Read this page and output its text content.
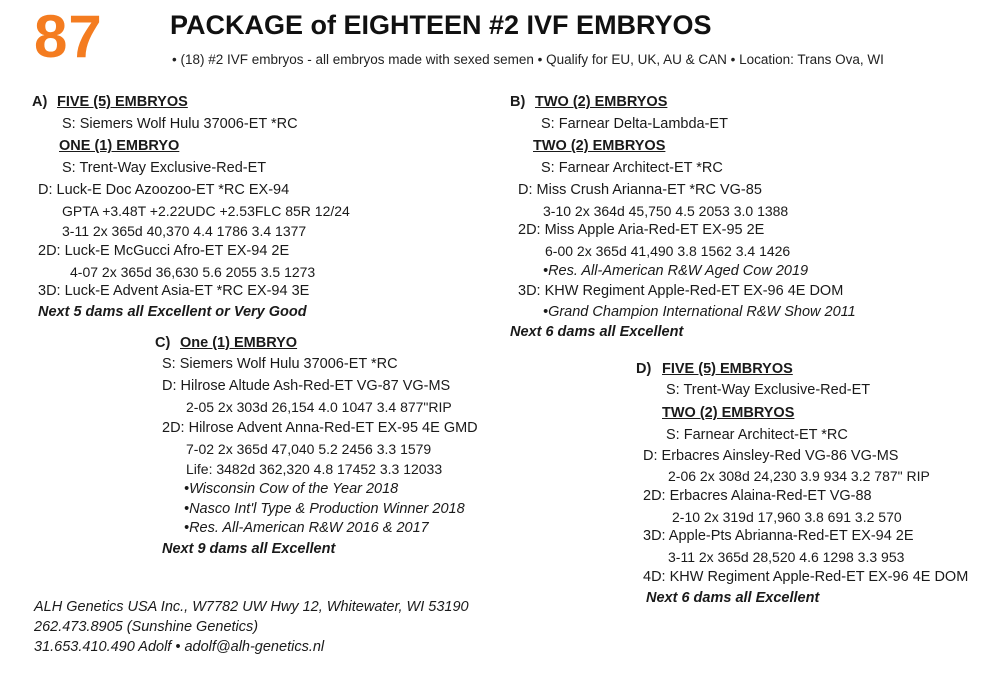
87 PACKAGE of EIGHTEEN #2 IVF EMBRYOS
• (18) #2 IVF embryos - all embryos made with sexed semen • Qualify for EU, UK, AU & CAN • Location: Trans Ova, WI
A) FIVE (5) EMBRYOS
S: Siemers Wolf Hulu 37006-ET *RC
ONE (1) EMBRYO
S: Trent-Way Exclusive-Red-ET
D: Luck-E Doc Azoozoo-ET *RC EX-94
GPTA +3.48T +2.22UDC +2.53FLC 85R 12/24
3-11 2x 365d 40,370 4.4 1786 3.4 1377
2D: Luck-E McGucci Afro-ET EX-94 2E
4-07 2x 365d 36,630 5.6 2055 3.5 1273
3D: Luck-E Advent Asia-ET *RC EX-94 3E
Next 5 dams all Excellent or Very Good
B) TWO (2) EMBRYOS
S: Farnear Delta-Lambda-ET
TWO (2) EMBRYOS
S: Farnear Architect-ET *RC
D: Miss Crush Arianna-ET *RC VG-85
3-10 2x 364d 45,750 4.5 2053 3.0 1388
2D: Miss Apple Aria-Red-ET EX-95 2E
6-00 2x 365d 41,490 3.8 1562 3.4 1426
•Res. All-American R&W Aged Cow 2019
3D: KHW Regiment Apple-Red-ET EX-96 4E DOM
•Grand Champion International R&W Show 2011
Next 6 dams all Excellent
C) One (1) EMBRYO
S: Siemers Wolf Hulu 37006-ET *RC
D: Hilrose Altude Ash-Red-ET VG-87 VG-MS
2-05 2x 303d 26,154 4.0 1047 3.4 877"RIP
2D: Hilrose Advent Anna-Red-ET EX-95 4E GMD
7-02 2x 365d 47,040 5.2 2456 3.3 1579
Life: 3482d 362,320 4.8 17452 3.3 12033
•Wisconsin Cow of the Year 2018
•Nasco Int'l Type & Production Winner 2018
•Res. All-American R&W 2016 & 2017
Next 9 dams all Excellent
D) FIVE (5) EMBRYOS
S: Trent-Way Exclusive-Red-ET
TWO (2) EMBRYOS
S: Farnear Architect-ET *RC
D: Erbacres Ainsley-Red VG-86 VG-MS
2-06 2x 308d 24,230 3.9 934 3.2 787" RIP
2D: Erbacres Alaina-Red-ET VG-88
2-10 2x 319d 17,960 3.8 691 3.2 570
3D: Apple-Pts Abrianna-Red-ET EX-94 2E
3-11 2x 365d 28,520 4.6 1298 3.3 953
4D: KHW Regiment Apple-Red-ET EX-96 4E DOM
Next 6 dams all Excellent
ALH Genetics USA Inc., W7782 UW Hwy 12, Whitewater, WI 53190
262.473.8905 (Sunshine Genetics)
31.653.410.490 Adolf • adolf@alh-genetics.nl
